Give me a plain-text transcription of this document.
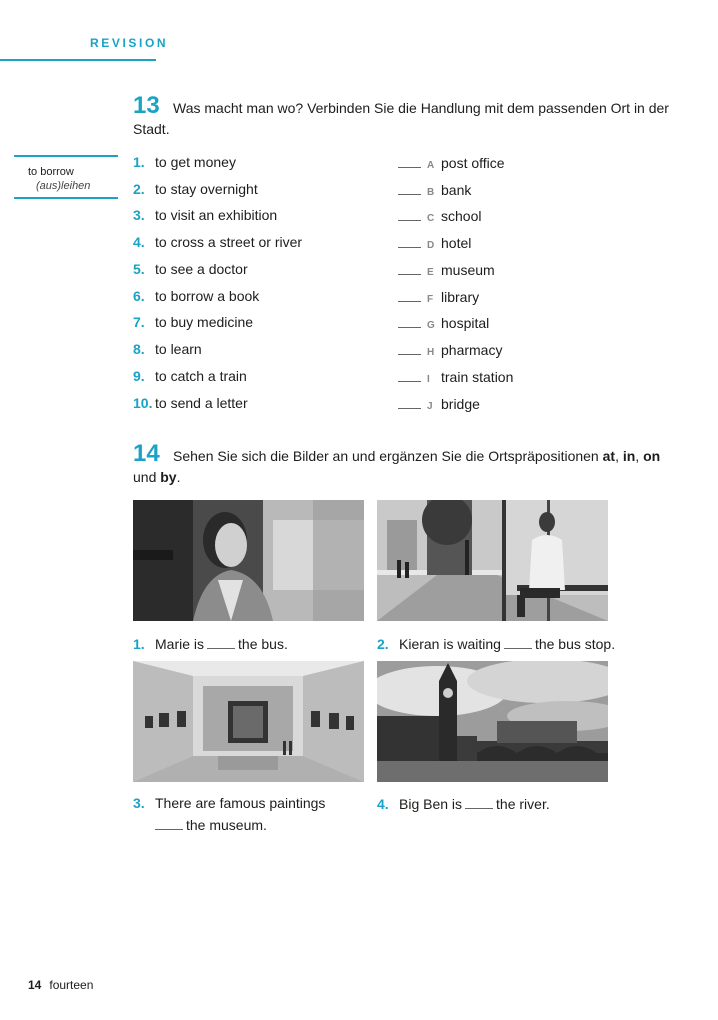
REVISION
13 Was macht man wo? Verbinden Sie die Handlung mit dem passenden Ort in der
Stadt.
to borrow
(aus)leihen
1. to get money
2. to stay overnight
3. to visit an exhibition
4. to cross a street or river
5. to see a doctor
6. to borrow a book
7. to buy medicine
8. to learn
9. to catch a train
10. to send a letter
A post office
B bank
C school
D hotel
E museum
F library
G hospital
H pharmacy
I train station
J bridge
14 Sehen Sie sich die Bilder an und ergänzen Sie die Ortspräpositionen at, in, on
und by.
1. Marie is the bus.	2. Kieran is waiting the bus stop.
3. There are famous paintings
the museum.
4. Big Ben is the river.
14 fourteen
